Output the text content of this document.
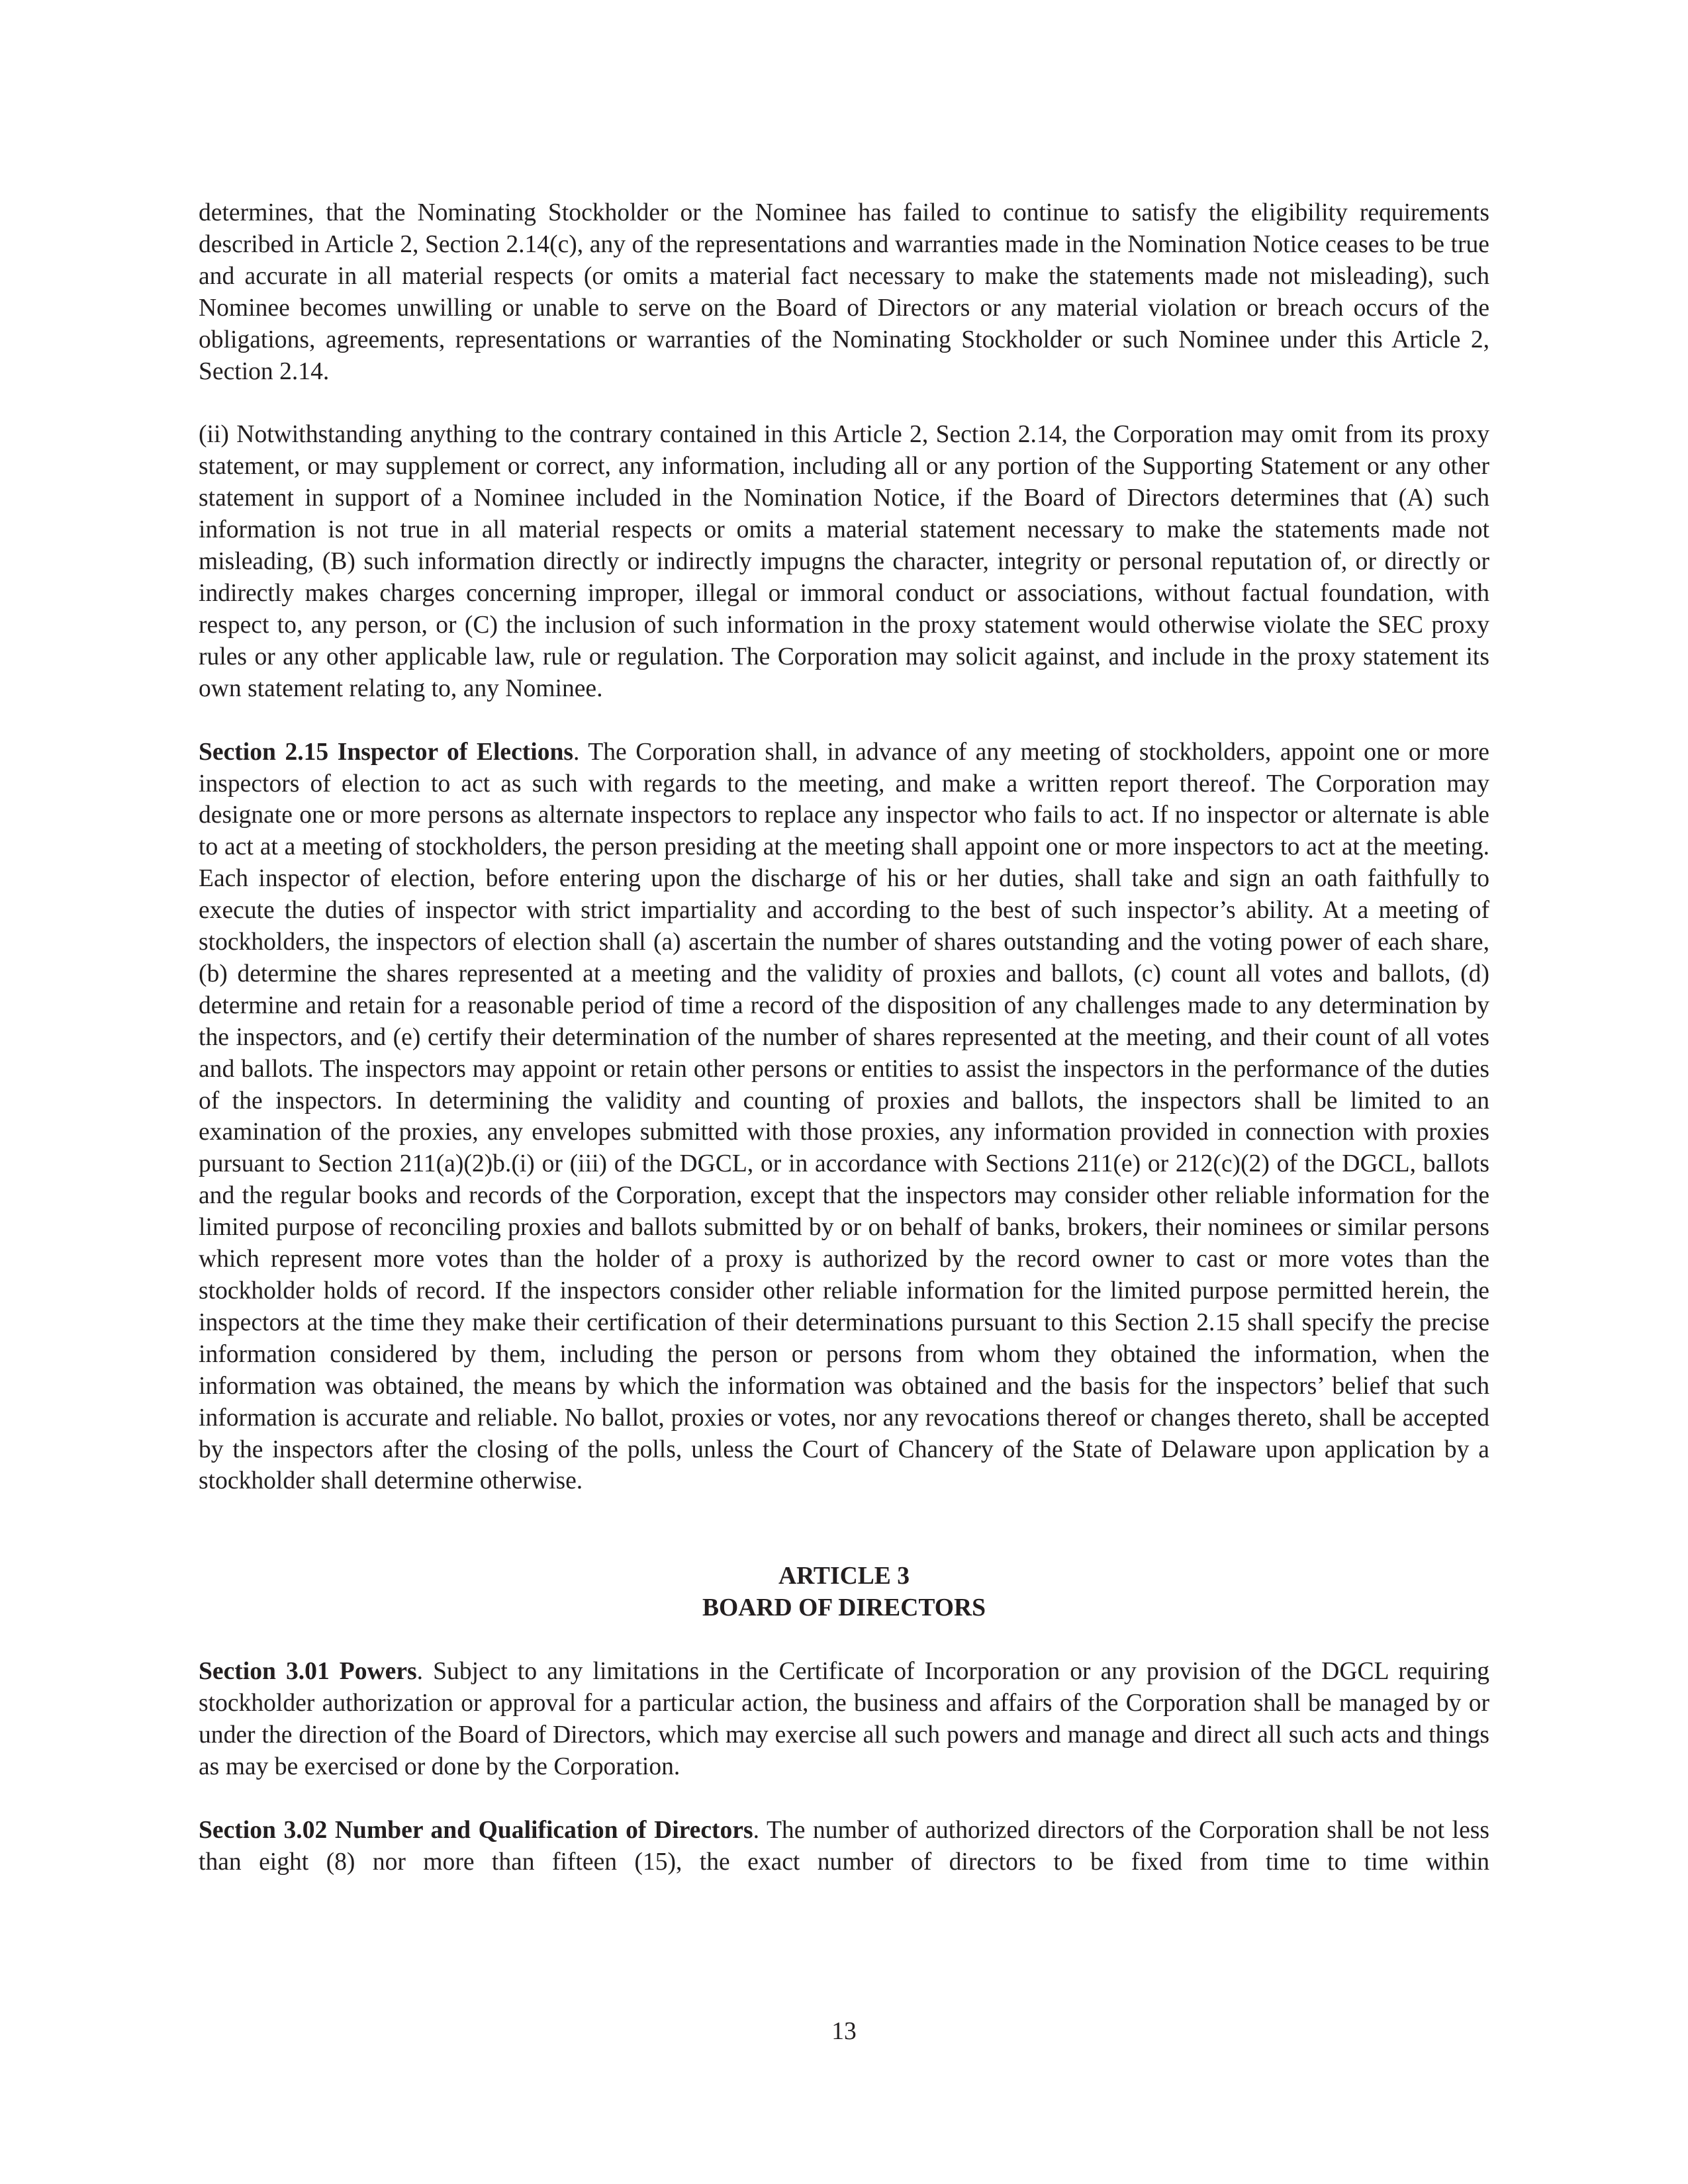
determines, that the Nominating Stockholder or the Nominee has failed to continue to satisfy the eligibility requirements described in Article 2, Section 2.14(c), any of the representations and warranties made in the Nomination Notice ceases to be true and accurate in all material respects (or omits a material fact necessary to make the statements made not misleading), such Nominee becomes unwilling or unable to serve on the Board of Directors or any material violation or breach occurs of the obligations, agreements, representations or warranties of the Nominating Stockholder or such Nominee under this Article 2, Section 2.14.

(ii) Notwithstanding anything to the contrary contained in this Article 2, Section 2.14, the Corporation may omit from its proxy statement, or may supplement or correct, any information, including all or any portion of the Supporting Statement or any other statement in support of a Nominee included in the Nomination Notice, if the Board of Directors determines that (A) such information is not true in all material respects or omits a material statement necessary to make the statements made not misleading, (B) such information directly or indirectly impugns the character, integrity or personal reputation of, or directly or indirectly makes charges concerning improper, illegal or immoral conduct or associations, without factual foundation, with respect to, any person, or (C) the inclusion of such information in the proxy statement would otherwise violate the SEC proxy rules or any other applicable law, rule or regulation. The Corporation may solicit against, and include in the proxy statement its own statement relating to, any Nominee.

Section 2.15 Inspector of Elections. The Corporation shall, in advance of any meeting of stockholders, appoint one or more inspectors of election to act as such with regards to the meeting, and make a written report thereof. The Corporation may designate one or more persons as alternate inspectors to replace any inspector who fails to act. If no inspector or alternate is able to act at a meeting of stockholders, the person presiding at the meeting shall appoint one or more inspectors to act at the meeting. Each inspector of election, before entering upon the discharge of his or her duties, shall take and sign an oath faithfully to execute the duties of inspector with strict impartiality and according to the best of such inspector’s ability. At a meeting of stockholders, the inspectors of election shall (a) ascertain the number of shares outstanding and the voting power of each share, (b) determine the shares represented at a meeting and the validity of proxies and ballots, (c) count all votes and ballots, (d) determine and retain for a reasonable period of time a record of the disposition of any challenges made to any determination by the inspectors, and (e) certify their determination of the number of shares represented at the meeting, and their count of all votes and ballots. The inspectors may appoint or retain other persons or entities to assist the inspectors in the performance of the duties of the inspectors. In determining the validity and counting of proxies and ballots, the inspectors shall be limited to an examination of the proxies, any envelopes submitted with those proxies, any information provided in connection with proxies pursuant to Section 211(a)(2)b.(i) or (iii) of the DGCL, or in accordance with Sections 211(e) or 212(c)(2) of the DGCL, ballots and the regular books and records of the Corporation, except that the inspectors may consider other reliable information for the limited purpose of reconciling proxies and ballots submitted by or on behalf of banks, brokers, their nominees or similar persons which represent more votes than the holder of a proxy is authorized by the record owner to cast or more votes than the stockholder holds of record. If the inspectors consider other reliable information for the limited purpose permitted herein, the inspectors at the time they make their certification of their determinations pursuant to this Section 2.15 shall specify the precise information considered by them, including the person or persons from whom they obtained the information, when the information was obtained, the means by which the information was obtained and the basis for the inspectors’ belief that such information is accurate and reliable. No ballot, proxies or votes, nor any revocations thereof or changes thereto, shall be accepted by the inspectors after the closing of the polls, unless the Court of Chancery of the State of Delaware upon application by a stockholder shall determine otherwise.

ARTICLE 3

BOARD OF DIRECTORS

Section 3.01 Powers. Subject to any limitations in the Certificate of Incorporation or any provision of the DGCL requiring stockholder authorization or approval for a particular action, the business and affairs of the Corporation shall be managed by or under the direction of the Board of Directors, which may exercise all such powers and manage and direct all such acts and things as may be exercised or done by the Corporation.

Section 3.02 Number and Qualification of Directors. The number of authorized directors of the Corporation shall be not less than eight (8) nor more than fifteen (15), the exact number of directors to be fixed from time to time within

13
